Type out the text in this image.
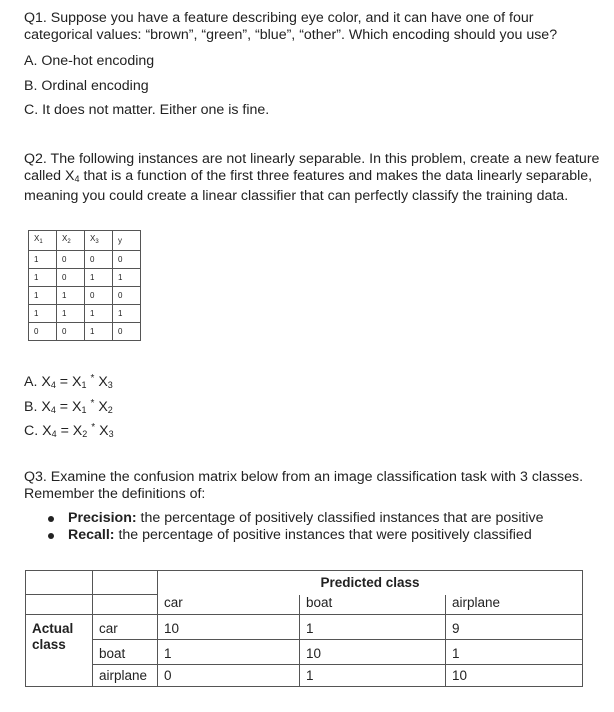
Q1. Suppose you have a feature describing eye color, and it can have one of four categorical values: “brown”, “green”, “blue”, “other”. Which encoding should you use?

A. One-hot encoding

B. Ordinal encoding

C. It does not matter. Either one is fine.

Q2. The following instances are not linearly separable. In this problem, create a new feature called $X_4$ that is a function of the first three features and makes the data linearly separable, meaning you could create a linear classifier that can perfectly classify the training data.

$X_1$	$X_2$	$X_3$	y
1	0	0	0
1	0	1	1
1	1	0	0
1	1	1	1
0	0	1	0

A. $X_4 = X_1$ * $X_3$

B. $X_4 = X_1$ * $X_2$

C. $X_4 = X_2$ * $X_3$

Q3. Examine the confusion matrix below from an image classification task with 3 classes. Remember the definitions of:

Precision: the percentage of positively classified instances that are positive
Recall: the percentage of positive instances that were positively classified
		Predicted class		
		car	boat	airplane
Actual class	car	10	1	9
	boat	1	10	1
	airplane	0	1	10
